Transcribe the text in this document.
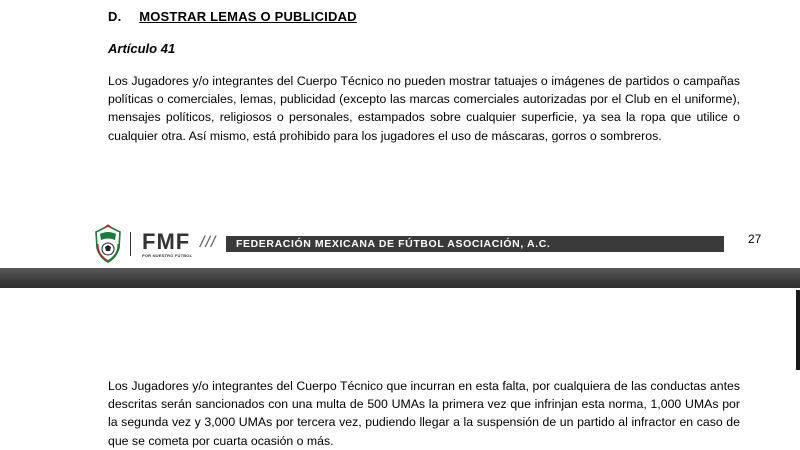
D. MOSTRAR LEMAS O PUBLICIDAD
Artículo 41

Los Jugadores y/o integrantes del Cuerpo Técnico no pueden mostrar tatuajes o imágenes de partidos o campañas políticas o comerciales, lemas, publicidad (excepto las marcas comerciales autorizadas por el Club en el uniforme), mensajes políticos, religiosos o personales, estampados sobre cualquier superficie, ya sea la ropa que utilice o cualquier otra. Así mismo, está prohibido para los jugadores el uso de máscaras, gorros o sombreros.

FMF
POR NUESTRO FÚTBOL
/// FEDERACIÓN MEXICANA DE FÚTBOL ASOCIACIÓN, A.C.	27

Los Jugadores y/o integrantes del Cuerpo Técnico que incurran en esta falta, por cualquiera de las conductas antes descritas serán sancionados con una multa de 500 UMAs la primera vez que infrinjan esta norma, 1,000 UMAs por la segunda vez y 3,000 UMAs por tercera vez, pudiendo llegar a la suspensión de un partido al infractor en caso de que se cometa por cuarta ocasión o más.
